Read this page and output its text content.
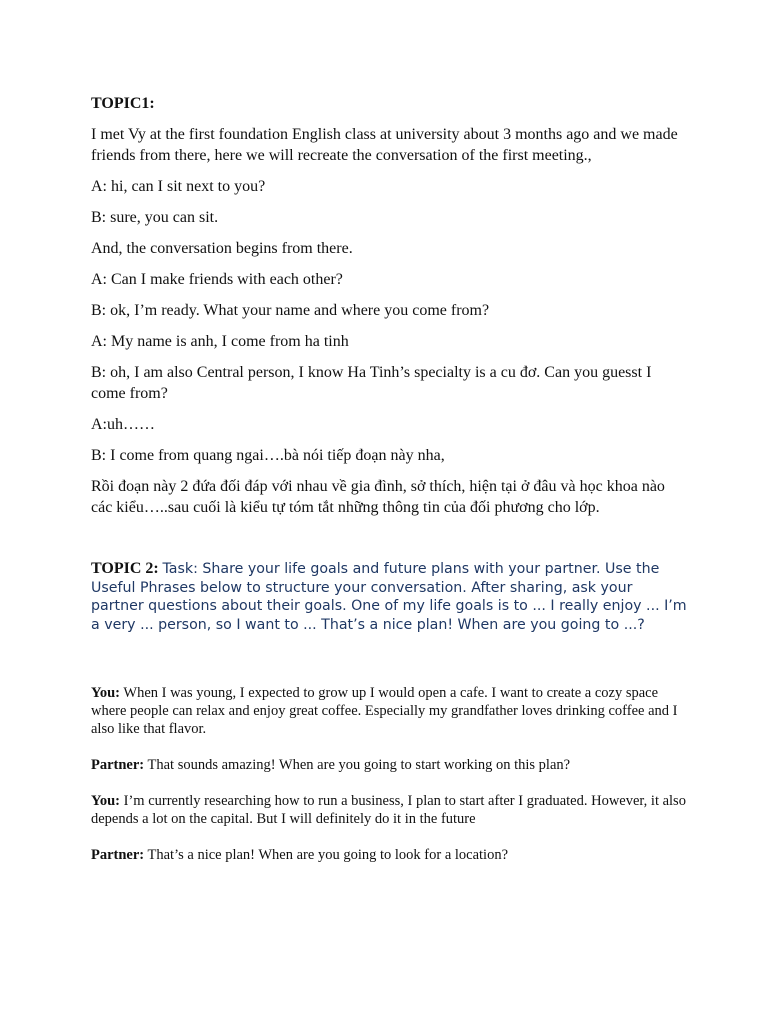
TOPIC1:

I met Vy at the first foundation English class at university about 3 months ago and we made friends from there, here we will recreate the conversation of the first meeting.,

A: hi, can I sit next to you?

B: sure, you can sit.

And, the conversation begins from there.

A: Can I make friends with each other?

B: ok, I’m ready. What your name and where you come from?

A: My name is anh, I come from ha tinh

B: oh, I am also Central person, I know Ha Tinh’s specialty is a cu đơ. Can you guesst I come from?

A:uh……

B: I come from quang ngai….bà nói tiếp đoạn này nha,

Rồi đoạn này 2 đứa đối đáp với nhau về gia đình, sở thích, hiện tại ở đâu và học khoa nào các kiểu…..sau cuối là kiểu tự tóm tắt những thông tin của đối phương cho lớp.

TOPIC 2: Task: Share your life goals and future plans with your partner. Use the Useful Phrases below to structure your conversation. After sharing, ask your partner questions about their goals. One of my life goals is to ... I really enjoy ... I’m a very ... person, so I want to ... That’s a nice plan! When are you going to ...?

You: When I was young, I expected to grow up I would open a cafe. I want to create a cozy space where people can relax and enjoy great coffee. Especially my grandfather loves drinking coffee and I also like that flavor.

Partner: That sounds amazing! When are you going to start working on this plan?

You: I’m currently researching how to run a business, I plan to start after I graduated. However, it also depends a lot on the capital. But I will definitely do it in the future

Partner: That’s a nice plan! When are you going to look for a location?
